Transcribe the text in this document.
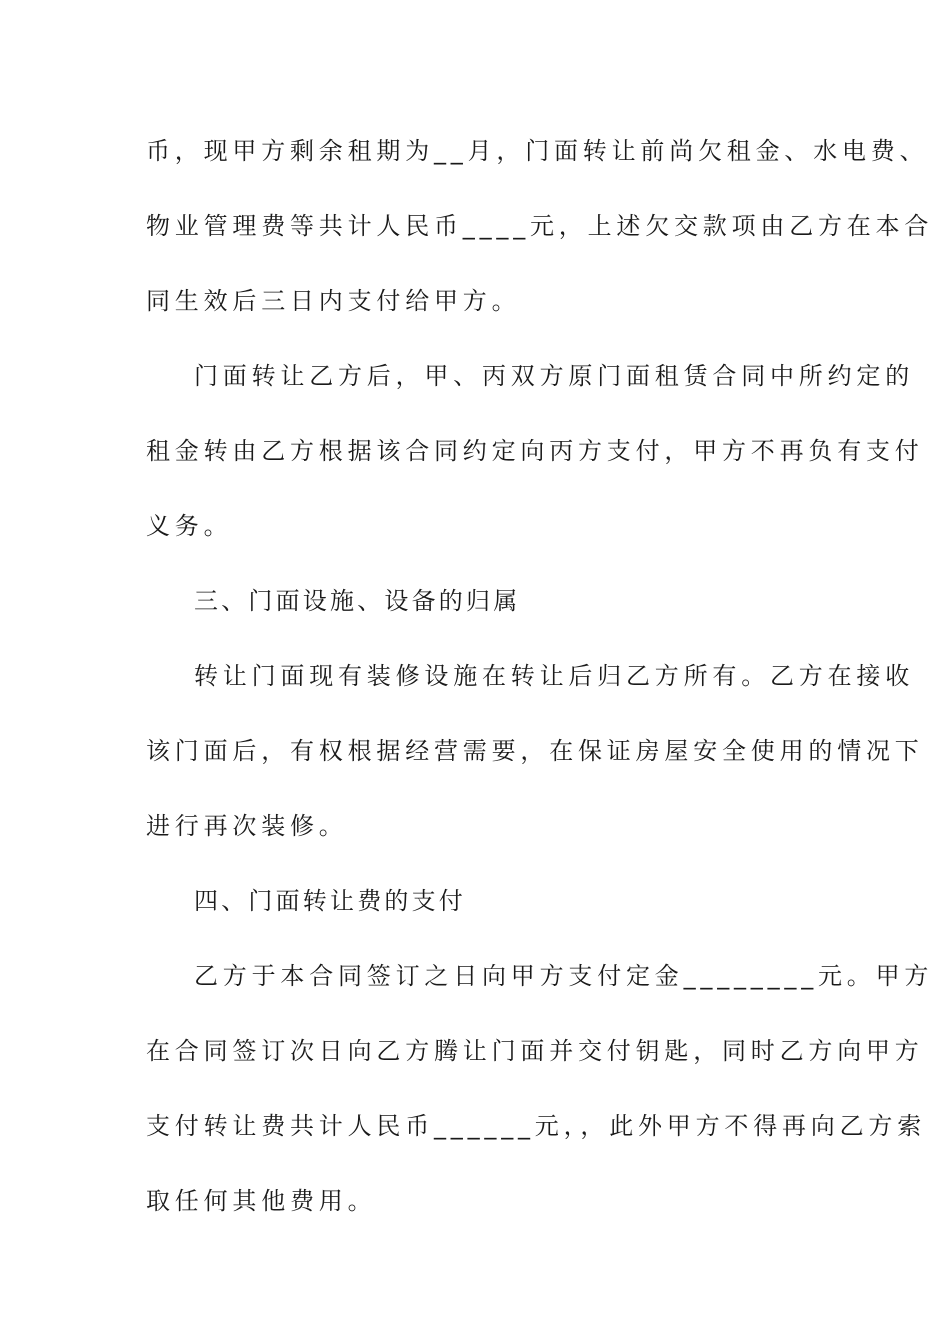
币，现甲方剩余租期为__月，门面转让前尚欠租金、水电费、
物业管理费等共计人民币____元，上述欠交款项由乙方在本合
同生效后三日内支付给甲方。
门面转让乙方后，甲、丙双方原门面租赁合同中所约定的
租金转由乙方根据该合同约定向丙方支付，甲方不再负有支付
义务。
三、门面设施、设备的归属
转让门面现有装修设施在转让后归乙方所有。乙方在接收
该门面后，有权根据经营需要，在保证房屋安全使用的情况下
进行再次装修。
四、门面转让费的支付
乙方于本合同签订之日向甲方支付定金________元。甲方
在合同签订次日向乙方腾让门面并交付钥匙，同时乙方向甲方
支付转让费共计人民币______元，，此外甲方不得再向乙方索
取任何其他费用。
